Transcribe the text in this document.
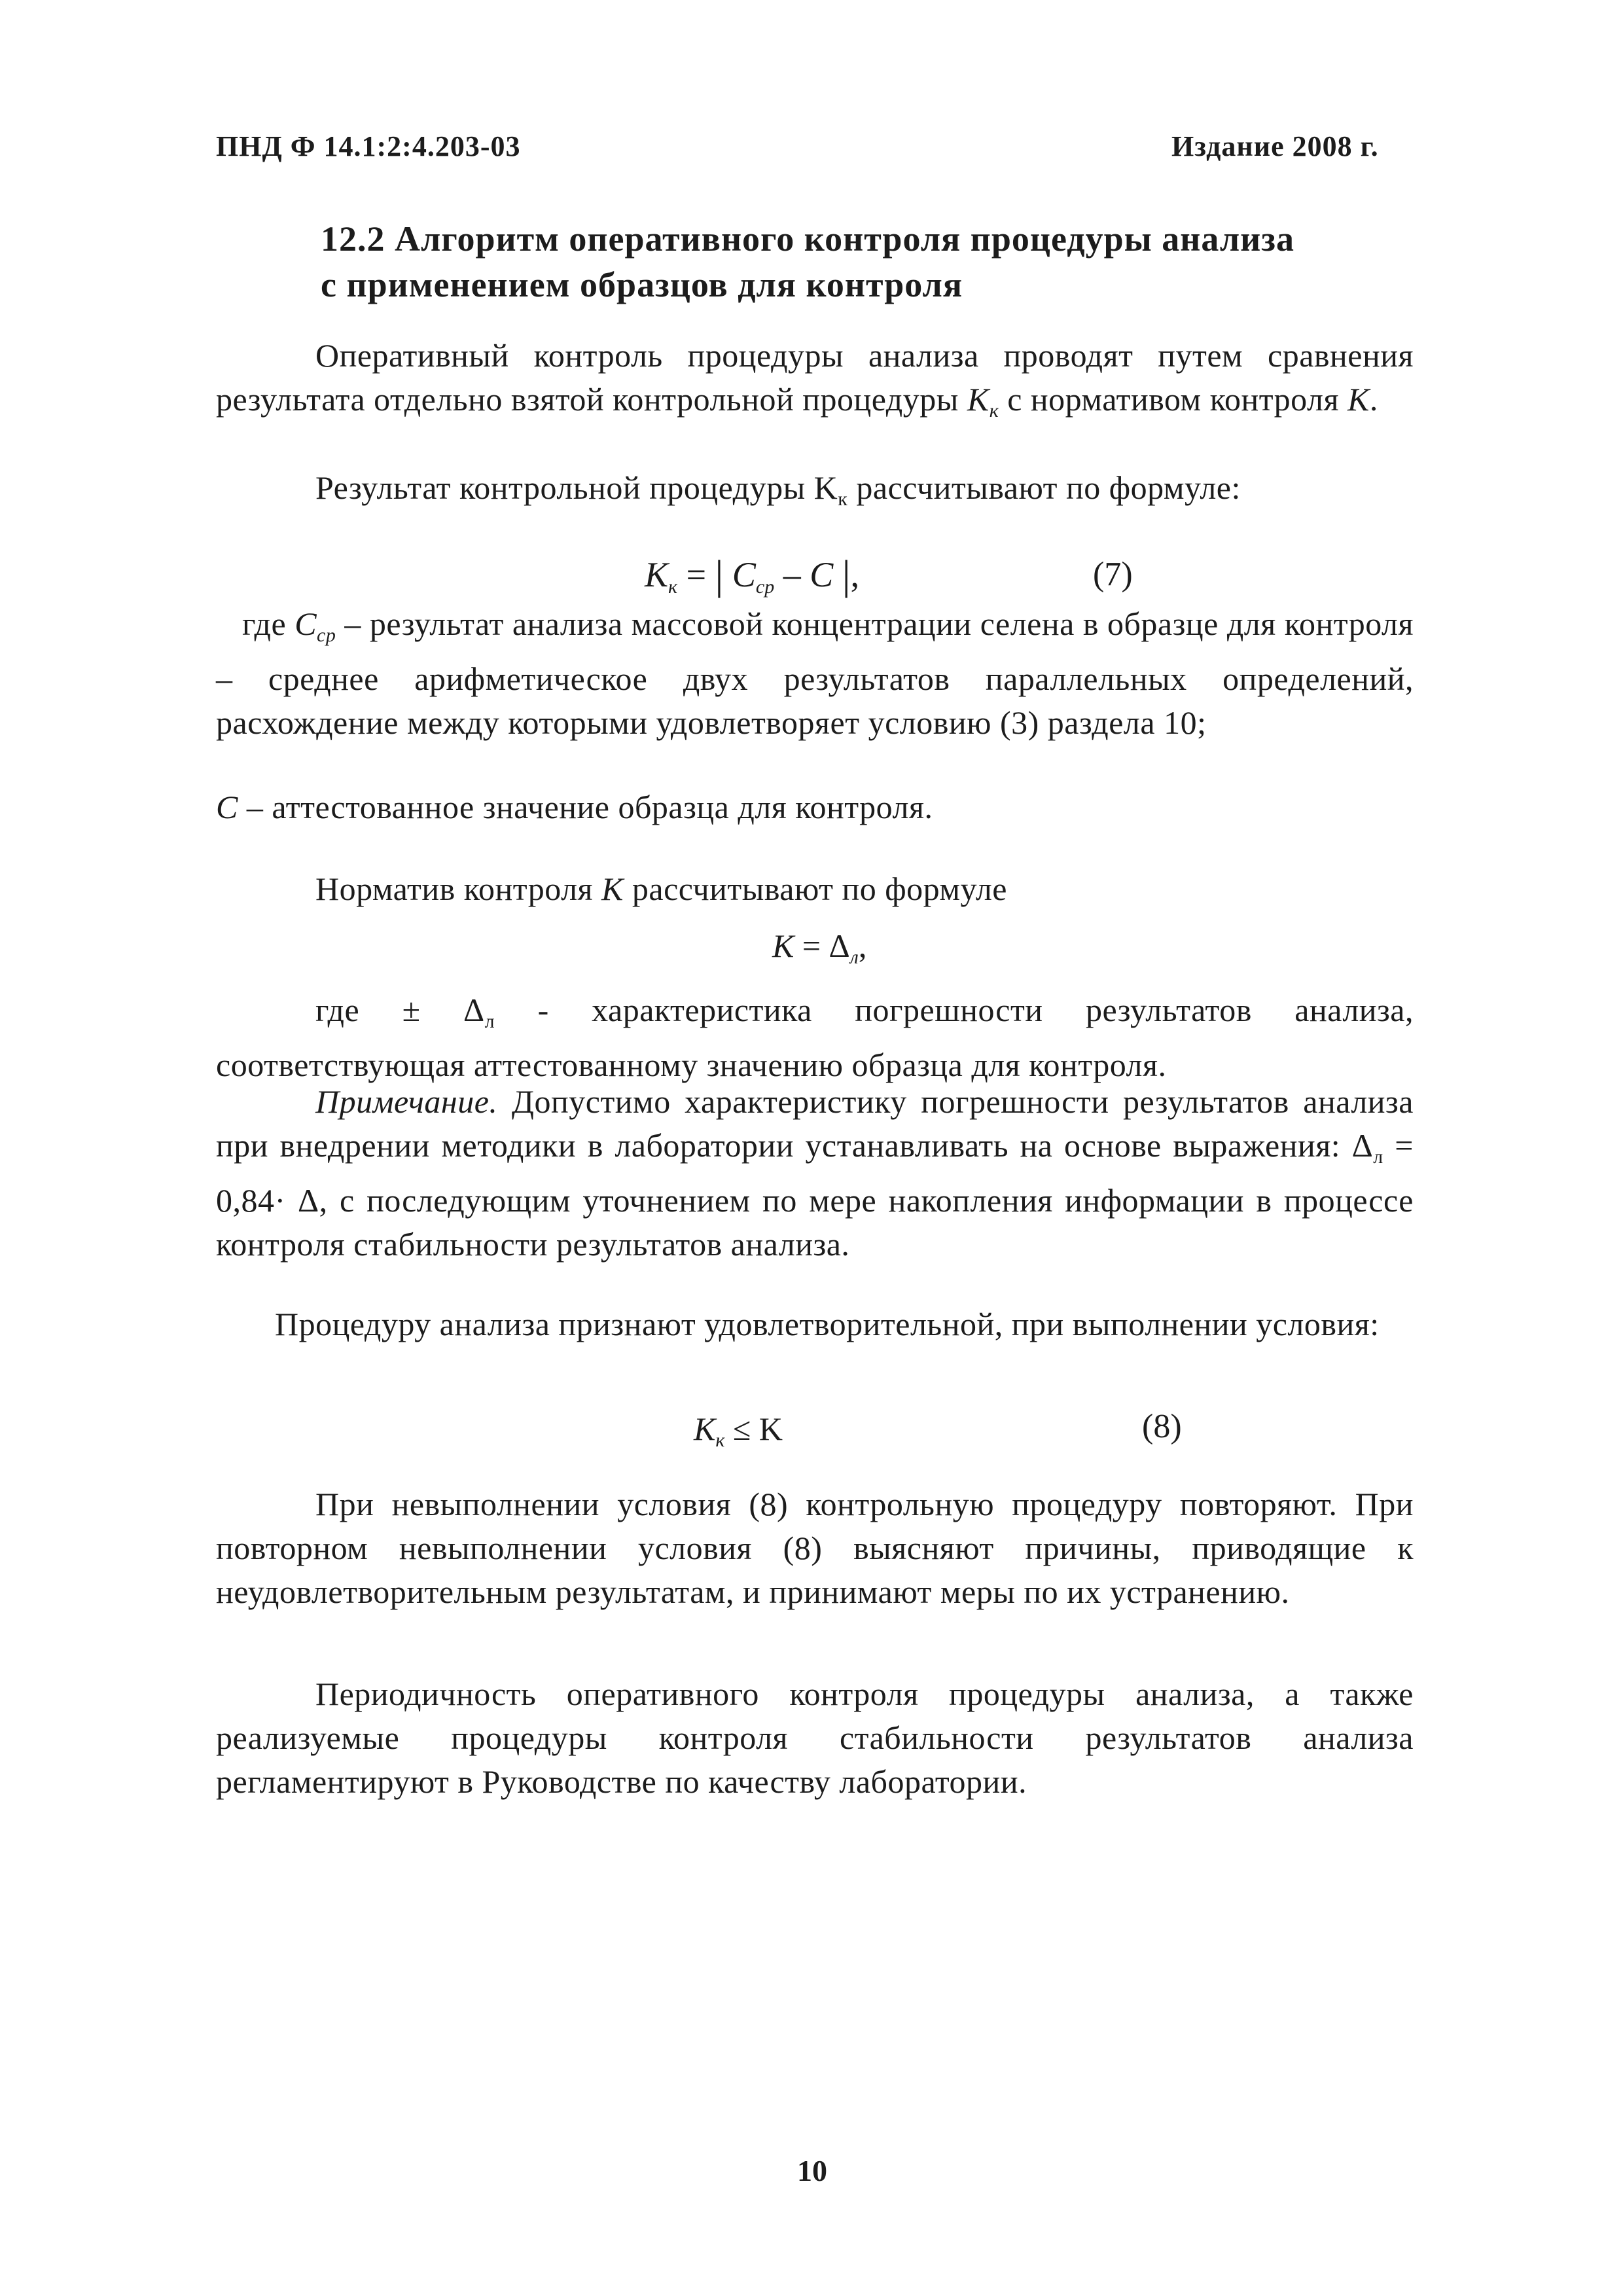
ПНД Ф 14.1:2:4.203-03	Издание 2008 г.
12.2 Алгоритм оперативного контроля процедуры анализа
с применением образцов для контроля
Оперативный контроль процедуры анализа проводят путем сравнения результата отдельно взятой контрольной процедуры $K_к$ с нормативом контроля K.
Результат контрольной процедуры $K_к$ рассчитывают по формуле:
$K_к$ = | $C_{ср}$ – C |,	(7)
где $C_{ср}$ – результат анализа массовой концентрации селена в образце для контроля – среднее арифметическое двух результатов параллельных определений, расхождение между которыми удовлетворяет условию (3) раздела 10;
C – аттестованное значение образца для контроля.
Норматив контроля K рассчитывают по формуле
$K = \Delta_л$,
где ± $\Delta_л$ - характеристика погрешности результатов анализа, соответствующая аттестованному значению образца для контроля.
Примечание. Допустимо характеристику погрешности результатов анализа при внедрении методики в лаборатории устанавливать на основе выражения: $\Delta_л = 0,84\cdot \Delta$, с последующим уточнением по мере накопления информации в процессе контроля стабильности результатов анализа.
Процедуру анализа признают удовлетворительной, при выполнении условия:
$K_к \le K$	(8)
При невыполнении условия (8) контрольную процедуру повторяют. При повторном невыполнении условия (8) выясняют причины, приводящие к неудовлетворительным результатам, и принимают меры по их устранению.
Периодичность оперативного контроля процедуры анализа, а также реализуемые процедуры контроля стабильности результатов анализа регламентируют в Руководстве по качеству лаборатории.
10
